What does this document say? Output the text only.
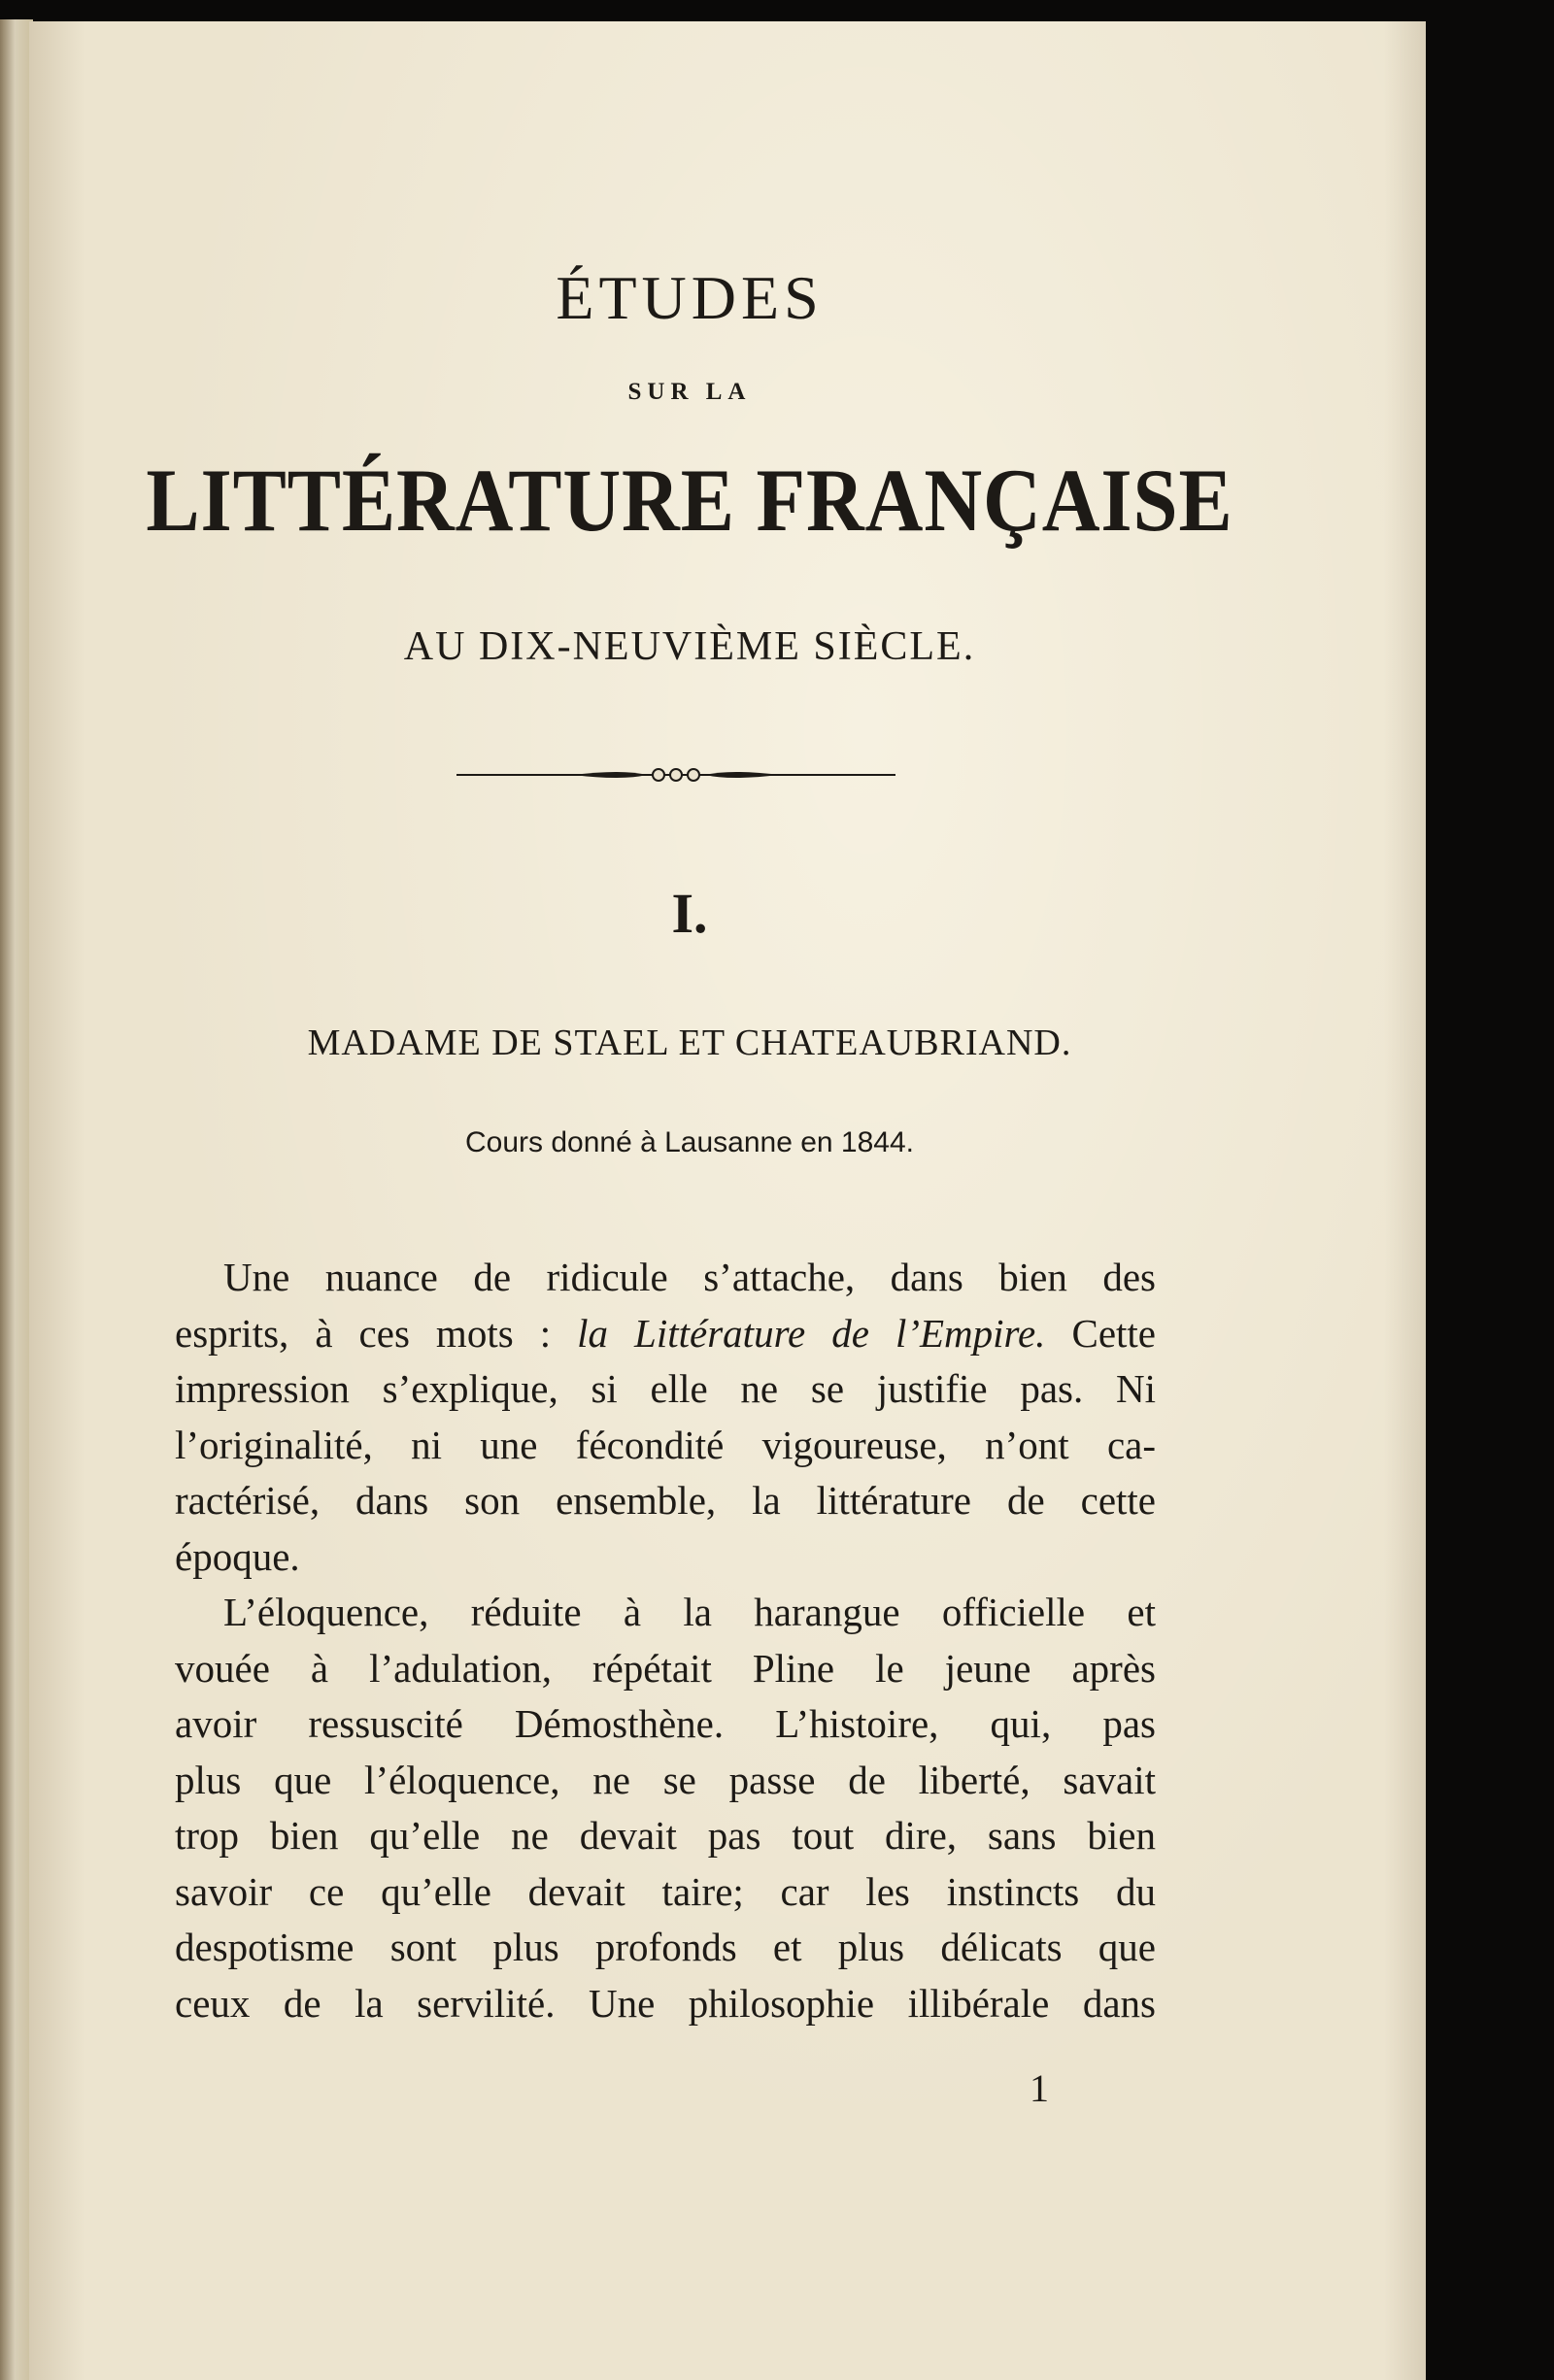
ÉTUDES
SUR LA
LITTÉRATURE FRANÇAISE
AU DIX-NEUVIÈME SIÈCLE.
I.
MADAME DE STAEL ET CHATEAUBRIAND.
Cours donné à Lausanne en 1844.
Une nuance de ridicule s’attache, dans bien des
esprits, à ces mots : la Littérature de l’Empire. Cette
impression s’explique, si elle ne se justifie pas. Ni
l’originalité, ni une fécondité vigoureuse, n’ont ca-
ractérisé, dans son ensemble, la littérature de cette
époque.
L’éloquence, réduite à la harangue officielle et
vouée à l’adulation, répétait Pline le jeune après
avoir ressuscité Démosthène. L’histoire, qui, pas
plus que l’éloquence, ne se passe de liberté, savait
trop bien qu’elle ne devait pas tout dire, sans bien
savoir ce qu’elle devait taire; car les instincts du
despotisme sont plus profonds et plus délicats que
ceux de la servilité. Une philosophie illibérale dans
1
